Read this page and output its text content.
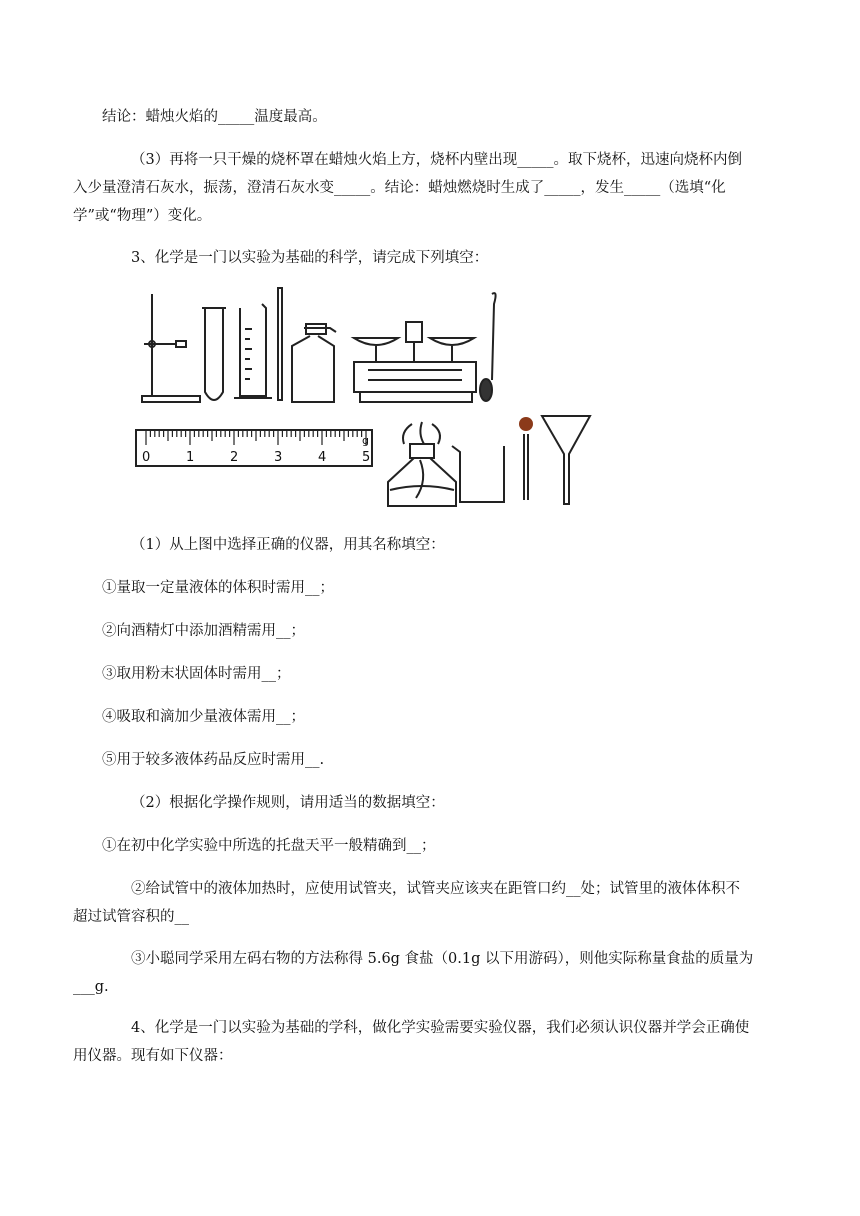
结论：蜡烛火焰的_____温度最高。

（3）再将一只干燥的烧杯罩在蜡烛火焰上方，烧杯内壁出现_____。取下烧杯，迅速向烧杯内倒
入少量澄清石灰水，振荡，澄清石灰水变_____。结论：蜡烛燃烧时生成了_____，发生_____（选填“化
学”或“物理”）变化。

3、化学是一门以实验为基础的科学，请完成下列填空：

0	1	2	3	4	5
g

（1）从上图中选择正确的仪器，用其名称填空：

①量取一定量液体的体积时需用__；

②向酒精灯中添加酒精需用__；

③取用粉末状固体时需用__；

④吸取和滴加少量液体需用__；

⑤用于较多液体药品反应时需用__.

（2）根据化学操作规则，请用适当的数据填空：

①在初中化学实验中所选的托盘天平一般精确到__；

②给试管中的液体加热时，应使用试管夹，试管夹应该夹在距管口约__处；试管里的液体体积不
超过试管容积的__
③小聪同学采用左码右物的方法称得 5.6g 食盐（0.1g 以下用游码），则他实际称量食盐的质量为
___g.
4、化学是一门以实验为基础的学科，做化学实验需要实验仪器，我们必须认识仪器并学会正确使
用仪器。现有如下仪器：
